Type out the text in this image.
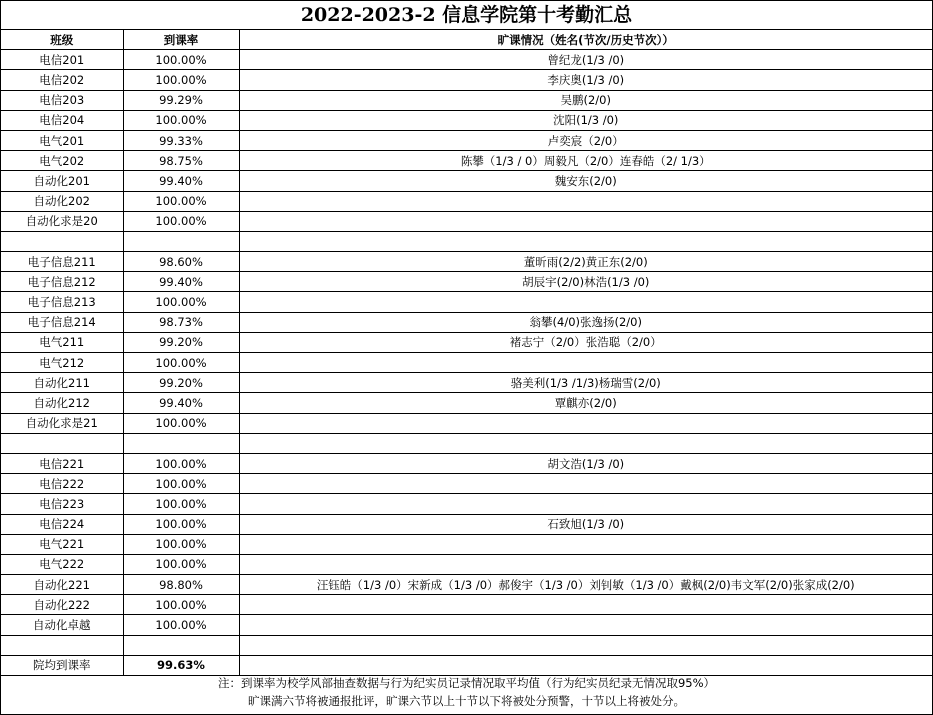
2022-2023-2 信息学院第十考勤汇总
班级	到课率	旷课情况（姓名(节次/历史节次））
电信201	100.00%	曾纪龙(1/3 /0)
电信202	100.00%	李庆奥(1/3 /0)
电信203	99.29%	吴鹏(2/0)
电信204	100.00%	沈阳(1/3 /0)
电气201	99.33%	卢奕宸（2/0）
电气202	98.75%	陈攀（1/3 / 0）周毅凡（2/0）连春皓（2/ 1/3）
自动化201	99.40%	魏安东(2/0)
自动化202	100.00%	
自动化求是20	100.00%	

电子信息211	98.60%	董昕雨(2/2)黄正东(2/0)
电子信息212	99.40%	胡辰宇(2/0)林浩(1/3 /0)
电子信息213	100.00%	
电子信息214	98.73%	翁攀(4/0)张逸扬(2/0)
电气211	99.20%	褚志宁（2/0）张浩聪（2/0）
电气212	100.00%	
自动化211	99.20%	骆美利(1/3 /1/3)杨瑞雪(2/0)
自动化212	99.40%	覃麒亦(2/0)
自动化求是21	100.00%	

电信221	100.00%	胡文浩(1/3 /0)
电信222	100.00%	
电信223	100.00%	
电信224	100.00%	石致旭(1/3 /0)
电气221	100.00%	
电气222	100.00%	
自动化221	98.80%	汪钰皓（1/3 /0）宋新成（1/3 /0）郝俊宇（1/3 /0）刘钊敏（1/3 /0）戴枫(2/0)韦文军(2/0)张家成(2/0)
自动化222	100.00%	
自动化卓越	100.00%	

院均到课率	99.63%	
注：到课率为校学风部抽查数据与行为纪实员记录情况取平均值（行为纪实员纪录无情况取95%）
旷课满六节将被通报批评，旷课六节以上十节以下将被处分预警，十节以上将被处分。
